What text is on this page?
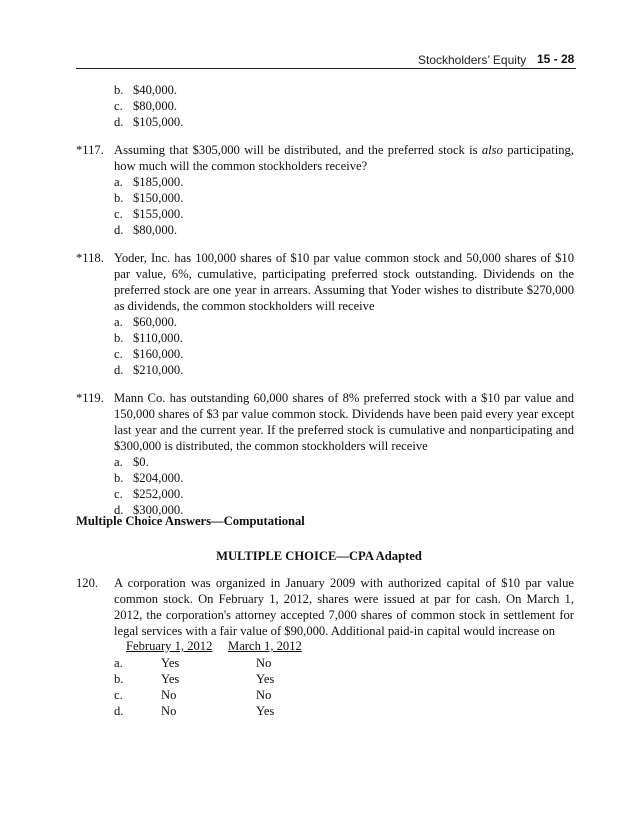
Stockholders’ Equity 15 - 28
b. $40,000.
c. $80,000.
d. $105,000.
*117. Assuming that $305,000 will be distributed, and the preferred stock is also participating,
how much will the common stockholders receive?
a. $185,000.
b. $150,000.
c. $155,000.
d. $80,000.
*118. Yoder, Inc. has 100,000 shares of $10 par value common stock and 50,000 shares of $10
par value, 6%, cumulative, participating preferred stock outstanding. Dividends on the
preferred stock are one year in arrears. Assuming that Yoder wishes to distribute $270,000
as dividends, the common stockholders will receive
a. $60,000.
b. $110,000.
c. $160,000.
d. $210,000.
*119. Mann Co. has outstanding 60,000 shares of 8% preferred stock with a $10 par value and
150,000 shares of $3 par value common stock. Dividends have been paid every year except
last year and the current year. If the preferred stock is cumulative and nonparticipating and
$300,000 is distributed, the common stockholders will receive
a. $0.
b. $204,000.
c. $252,000.
d. $300,000.
Multiple Choice Answers—Computational
MULTIPLE CHOICE—CPA Adapted
120. A corporation was organized in January 2009 with authorized capital of $10 par value
common stock. On February 1, 2012, shares were issued at par for cash. On March 1,
2012, the corporation's attorney accepted 7,000 shares of common stock in settlement for
legal services with a fair value of $90,000. Additional paid-in capital would increase on
February 1, 2012 March 1, 2012
a.	Yes	No
b.	Yes	Yes
c.	No	No
d.	No	Yes
